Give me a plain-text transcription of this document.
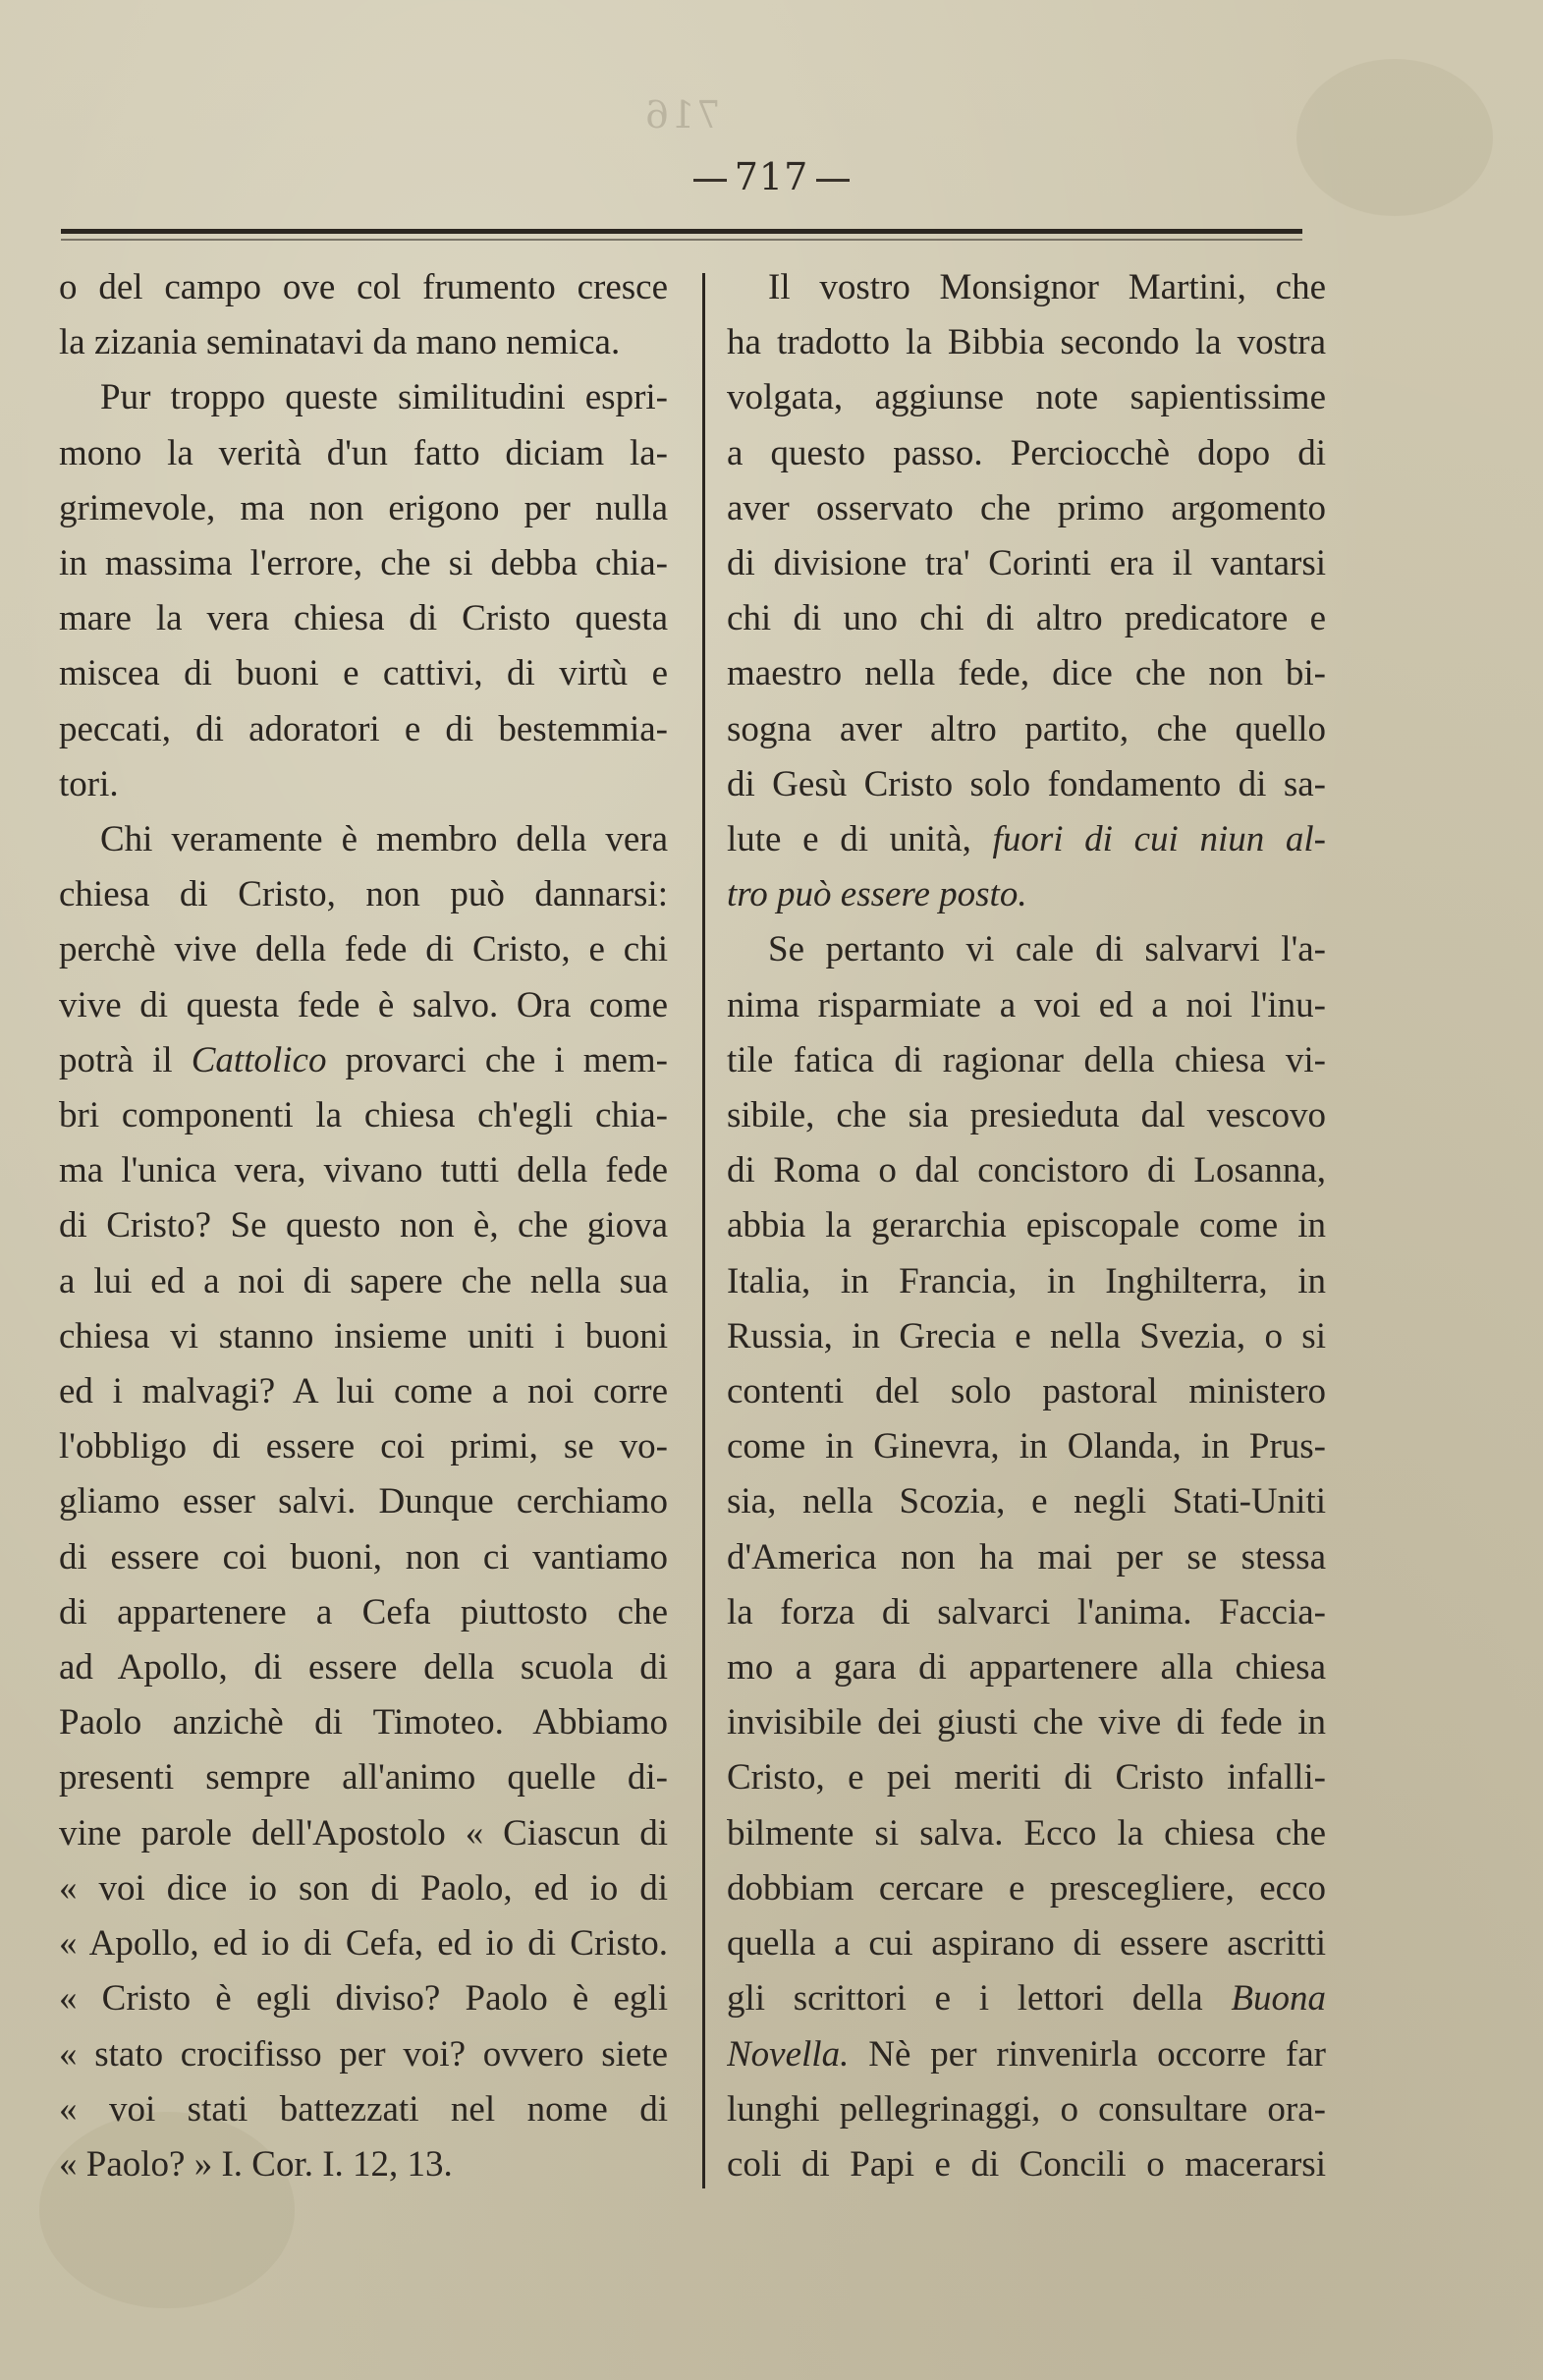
716
717
o del campo ove col frumento cresce
la zizania seminatavi da mano nemica.
Pur troppo queste similitudini espri-
mono la verità d'un fatto diciam la-
grimevole, ma non erigono per nulla
in massima l'errore, che si debba chia-
mare la vera chiesa di Cristo questa
miscea di buoni e cattivi, di virtù e
peccati, di adoratori e di bestemmia-
tori.
Chi veramente è membro della vera
chiesa di Cristo, non può dannarsi:
perchè vive della fede di Cristo, e chi
vive di questa fede è salvo. Ora come
potrà il Cattolico provarci che i mem-
bri componenti la chiesa ch'egli chia-
ma l'unica vera, vivano tutti della fede
di Cristo? Se questo non è, che giova
a lui ed a noi di sapere che nella sua
chiesa vi stanno insieme uniti i buoni
ed i malvagi? A lui come a noi corre
l'obbligo di essere coi primi, se vo-
gliamo esser salvi. Dunque cerchiamo
di essere coi buoni, non ci vantiamo
di appartenere a Cefa piuttosto che
ad Apollo, di essere della scuola di
Paolo anzichè di Timoteo. Abbiamo
presenti sempre all'animo quelle di-
vine parole dell'Apostolo « Ciascun di
« voi dice io son di Paolo, ed io di
« Apollo, ed io di Cefa, ed io di Cristo.
« Cristo è egli diviso? Paolo è egli
« stato crocifisso per voi? ovvero siete
« voi stati battezzati nel nome di
« Paolo? » I. Cor. I. 12, 13.
Il vostro Monsignor Martini, che
ha tradotto la Bibbia secondo la vostra
volgata, aggiunse note sapientissime
a questo passo. Perciocchè dopo di
aver osservato che primo argomento
di divisione tra' Corinti era il vantarsi
chi di uno chi di altro predicatore e
maestro nella fede, dice che non bi-
sogna aver altro partito, che quello
di Gesù Cristo solo fondamento di sa-
lute e di unità, fuori di cui niun al-
tro può essere posto.
Se pertanto vi cale di salvarvi l'a-
nima risparmiate a voi ed a noi l'inu-
tile fatica di ragionar della chiesa vi-
sibile, che sia presieduta dal vescovo
di Roma o dal concistoro di Losanna,
abbia la gerarchia episcopale come in
Italia, in Francia, in Inghilterra, in
Russia, in Grecia e nella Svezia, o si
contenti del solo pastoral ministero
come in Ginevra, in Olanda, in Prus-
sia, nella Scozia, e negli Stati-Uniti
d'America non ha mai per se stessa
la forza di salvarci l'anima. Faccia-
mo a gara di appartenere alla chiesa
invisibile dei giusti che vive di fede in
Cristo, e pei meriti di Cristo infalli-
bilmente si salva. Ecco la chiesa che
dobbiam cercare e prescegliere, ecco
quella a cui aspirano di essere ascritti
gli scrittori e i lettori della Buona
Novella. Nè per rinvenirla occorre far
lunghi pellegrinaggi, o consultare ora-
coli di Papi e di Concili o macerarsi
